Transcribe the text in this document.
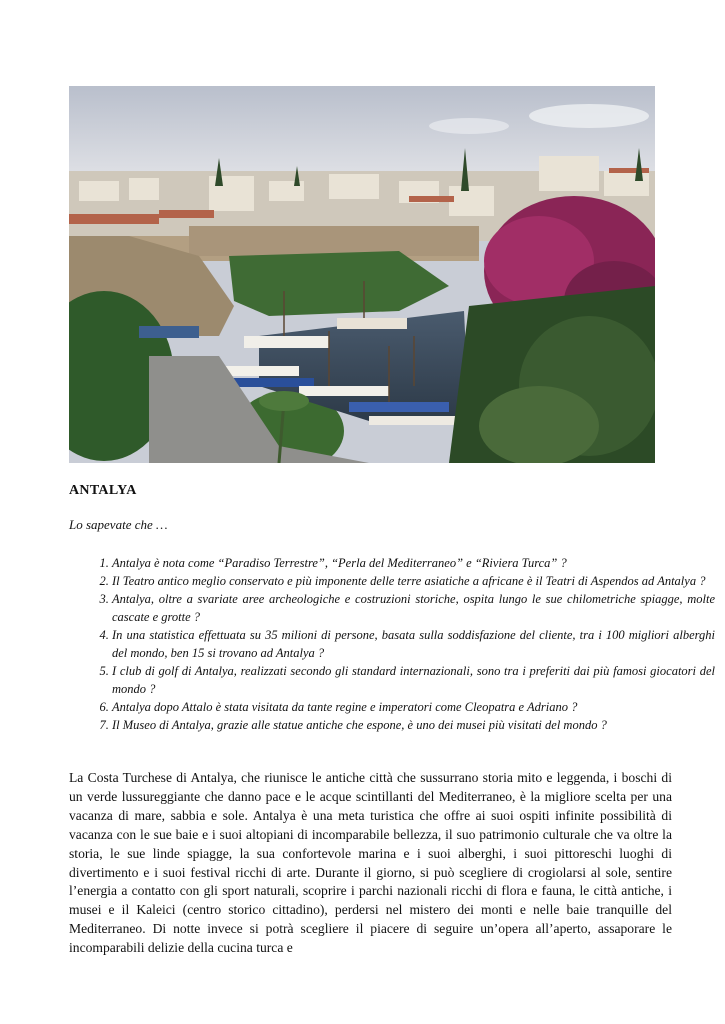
ANTALYA
Lo sapevate che …
1. Antalya è nota come “Paradiso Terrestre”, “Perla del Mediterraneo” e “Riviera Turca” ?
2. Il Teatro antico meglio conservato e più imponente delle terre asiatiche a africane è il Teatri di Aspendos ad Antalya ?
3. Antalya, oltre a svariate aree archeologiche e costruzioni storiche, ospita lungo le sue chilometriche spiagge, molte cascate e grotte ?
4. In una statistica effettuata su 35 milioni di persone, basata sulla soddisfazione del cliente, tra i 100 migliori alberghi del mondo, ben 15 si trovano ad Antalya ?
5. I club di golf di Antalya, realizzati secondo gli standard internazionali, sono tra i preferiti dai più famosi giocatori del mondo ?
6. Antalya dopo Attalo è stata visitata da tante regine e imperatori come Cleopatra e Adriano ?
7. Il Museo di Antalya, grazie alle statue antiche che espone, è uno dei musei più visitati del mondo ?

La Costa Turchese di Antalya, che riunisce le antiche città che sussurrano storia mito e leggenda, i boschi di un verde lussureggiante che danno pace e le acque scintillanti del Mediterraneo, è la migliore scelta per una vacanza di mare, sabbia e sole. Antalya è una meta turistica che offre ai suoi ospiti infinite possibilità di vacanza con le sue baie e i suoi altopiani di incomparabile bellezza, il suo patrimonio culturale che va oltre la storia, le sue linde spiagge, la sua confortevole marina e i suoi alberghi, i suoi pittoreschi luoghi di divertimento e i suoi festival ricchi di arte. Durante il giorno, si può scegliere di crogiolarsi al sole, sentire l’energia a contatto con gli sport naturali, scoprire i parchi nazionali ricchi di flora e fauna, le città antiche, i musei e il Kaleici (centro storico cittadino), perdersi nel mistero dei monti e nelle baie tranquille del Mediterraneo. Di notte invece si potrà scegliere il piacere di seguire un’opera all’aperto, assaporare le incomparabili delizie della cucina turca e
